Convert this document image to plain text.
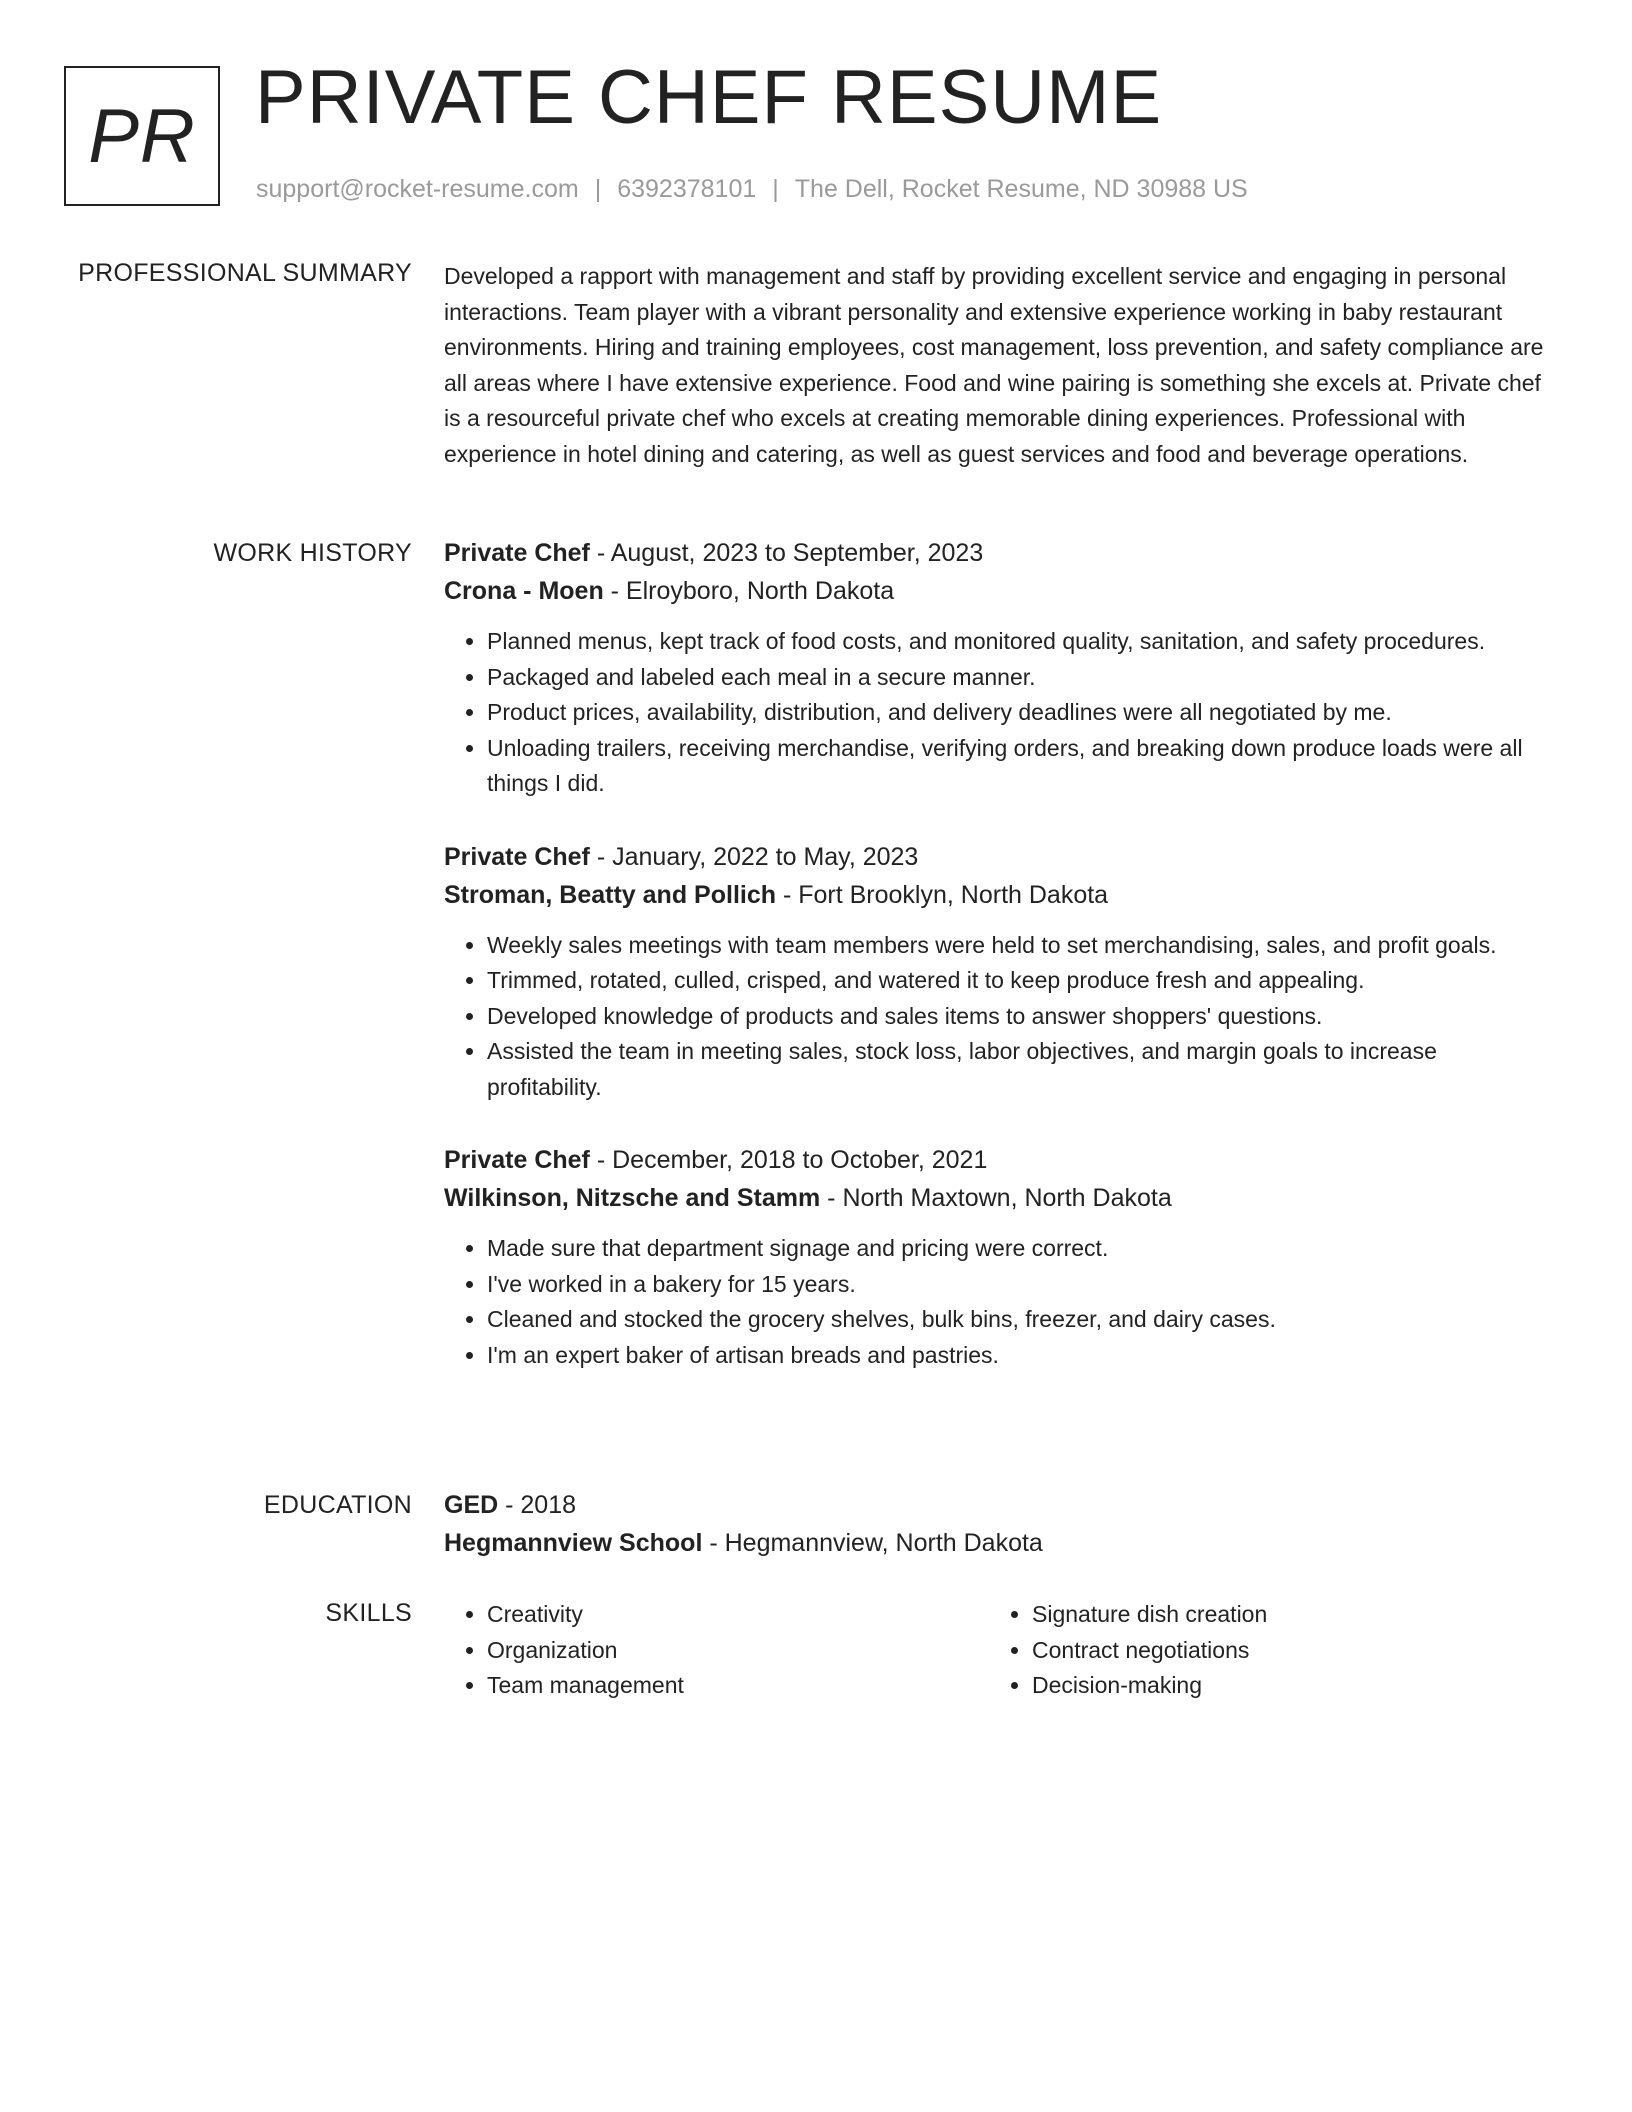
PR PRIVATE CHEF RESUME
support@rocket-resume.com | 6392378101 | The Dell, Rocket Resume, ND 30988 US
PROFESSIONAL SUMMARY Developed a rapport with management and staff by providing excellent service and engaging in personal interactions. Team player with a vibrant personality and extensive experience working in baby restaurant environments. Hiring and training employees, cost management, loss prevention, and safety compliance are all areas where I have extensive experience. Food and wine pairing is something she excels at. Private chef is a resourceful private chef who excels at creating memorable dining experiences. Professional with experience in hotel dining and catering, as well as guest services and food and beverage operations.

WORK HISTORY Private Chef - August, 2023 to September, 2023
Crona - Moen - Elroyboro, North Dakota
• Planned menus, kept track of food costs, and monitored quality, sanitation, and safety procedures.
• Packaged and labeled each meal in a secure manner.
• Product prices, availability, distribution, and delivery deadlines were all negotiated by me.
• Unloading trailers, receiving merchandise, verifying orders, and breaking down produce loads were all things I did.
Private Chef - January, 2022 to May, 2023
Stroman, Beatty and Pollich - Fort Brooklyn, North Dakota
• Weekly sales meetings with team members were held to set merchandising, sales, and profit goals.
• Trimmed, rotated, culled, crisped, and watered it to keep produce fresh and appealing.
• Developed knowledge of products and sales items to answer shoppers' questions.
• Assisted the team in meeting sales, stock loss, labor objectives, and margin goals to increase profitability.
Private Chef - December, 2018 to October, 2021
Wilkinson, Nitzsche and Stamm - North Maxtown, North Dakota
• Made sure that department signage and pricing were correct.
• I've worked in a bakery for 15 years.
• Cleaned and stocked the grocery shelves, bulk bins, freezer, and dairy cases.
• I'm an expert baker of artisan breads and pastries.
EDUCATION GED - 2018
Hegmannview School - Hegmannview, North Dakota
SKILLS
•	Creativity
• Organization
• Team management
• Signature dish creation
• Contract negotiations
• Decision-making
